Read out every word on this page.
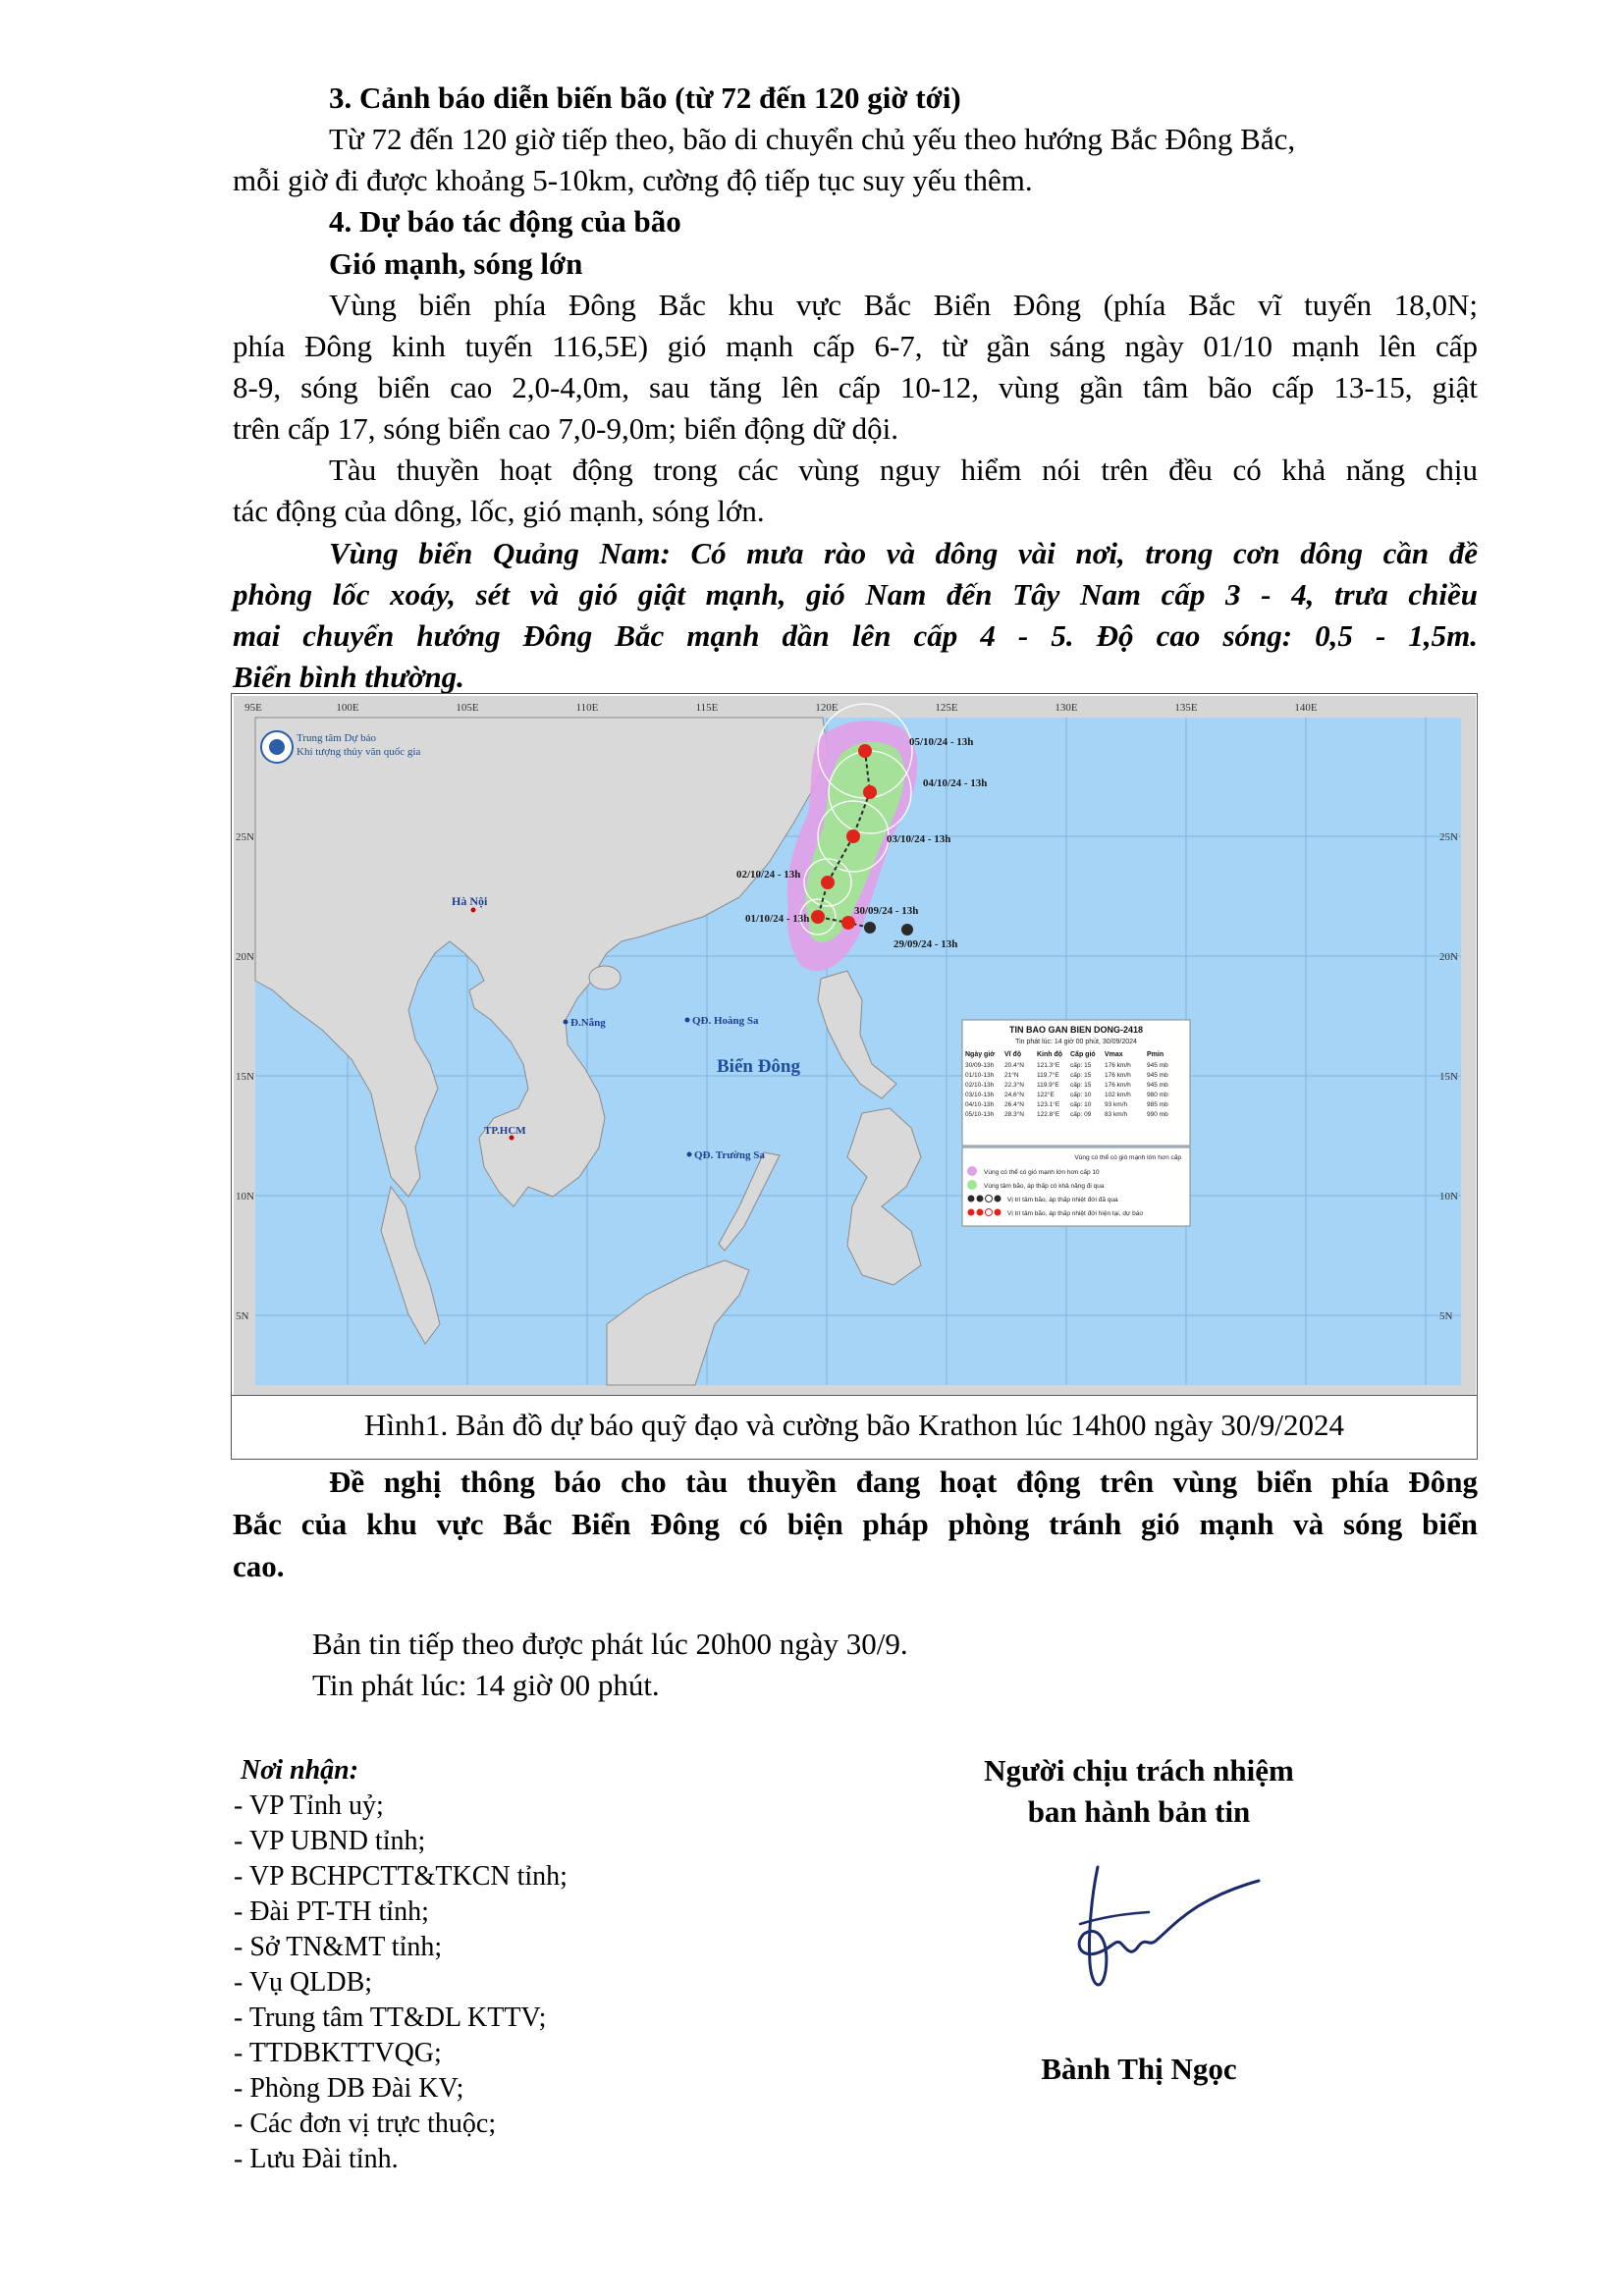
3. Cảnh báo diễn biến bão (từ 72 đến 120 giờ tới)
Từ 72 đến 120 giờ tiếp theo, bão di chuyển chủ yếu theo hướng Bắc Đông Bắc,
mỗi giờ đi được khoảng 5-10km, cường độ tiếp tục suy yếu thêm.
4. Dự báo tác động của bão
Gió mạnh, sóng lớn
Vùng biển phía Đông Bắc khu vực Bắc Biển Đông (phía Bắc vĩ tuyến 18,0N;
phía Đông kinh tuyến 116,5E) gió mạnh cấp 6-7, từ gần sáng ngày 01/10 mạnh lên cấp
8-9, sóng biển cao 2,0-4,0m, sau tăng lên cấp 10-12, vùng gần tâm bão cấp 13-15, giật
trên cấp 17, sóng biển cao 7,0-9,0m; biển động dữ dội.
Tàu thuyền hoạt động trong các vùng nguy hiểm nói trên đều có khả năng chịu
tác động của dông, lốc, gió mạnh, sóng lớn.
Vùng biển Quảng Nam: Có mưa rào và dông vài nơi, trong cơn dông cần đề
phòng lốc xoáy, sét và gió giật mạnh, gió Nam đến Tây Nam cấp 3 - 4, trưa chiều
mai chuyển hướng Đông Bắc mạnh dần lên cấp 4 - 5. Độ cao sóng: 0,5 - 1,5m.
Biển bình thường.
95E	100E	105E	110E	115E	120E	125E	130E	135E	140E
25N
20N
15N
10N
5N
25N
20N
15N
10N
5N
05/10/24 - 13h
04/10/24 - 13h
03/10/24 - 13h
02/10/24 - 13h
01/10/24 - 13h
30/09/24 - 13h
29/09/24 - 13h
Trung tâm Dự báo
Khí tượng thủy văn quốc gia
Hà Nội
Đ.Nẵng	QĐ. Hoàng Sa
Biển Đông
TP.HCM
QĐ. Trường Sa
TIN BAO GAN BIEN DONG-2418
Tin phát lúc: 14 giờ 00 phút, 30/09/2024
Ngày giờ Vĩ độ Kinh độ Cấp gió Vmax	Pmin
30/09-13h 20.4°N 121.3°E cấp: 15 176 km/h	945 mb
01/10-13h 21°N	119.7°E cấp: 15 176 km/h	945 mb
02/10-13h 22.3°N 119.9°E cấp: 15 176 km/h	945 mb
03/10-13h 24.6°N 122°E cấp: 10 102 km/h	980 mb
04/10-13h 26.4°N 123.1°E cấp: 10 93 km/h	985 mb
05/10-13h 28.3°N 122.8°E cấp: 09 83 km/h	990 mb
Vùng có thể có gió mạnh lớn hơn cấp
Vùng có thể có gió mạnh lớn hơn cấp 10
Vùng tâm bão, áp thấp có khả năng đi qua
Vị trí tâm bão, áp thấp nhiệt đới đã qua
Vị trí tâm bão, áp thấp nhiệt đới hiện tại, dự báo
Hình1. Bản đồ dự báo quỹ đạo và cường bão Krathon lúc 14h00 ngày 30/9/2024
Đề nghị thông báo cho tàu thuyền đang hoạt động trên vùng biển phía Đông
Bắc của khu vực Bắc Biển Đông có biện pháp phòng tránh gió mạnh và sóng biển
cao.
Bản tin tiếp theo được phát lúc 20h00 ngày 30/9.
Tin phát lúc: 14 giờ 00 phút.
Nơi nhận:
- VP Tỉnh uỷ;
- VP UBND tỉnh;
- VP BCHPCTT&TKCN tỉnh;
- Đài PT-TH tỉnh;
- Sở TN&MT tỉnh;
- Vụ QLDB;
- Trung tâm TT&DL KTTV;
- TTDBKTTVQG;
- Phòng DB Đài KV;
- Các đơn vị trực thuộc;
- Lưu Đài tỉnh.
Người chịu trách nhiệm
ban hành bản tin
Bành Thị Ngọc
